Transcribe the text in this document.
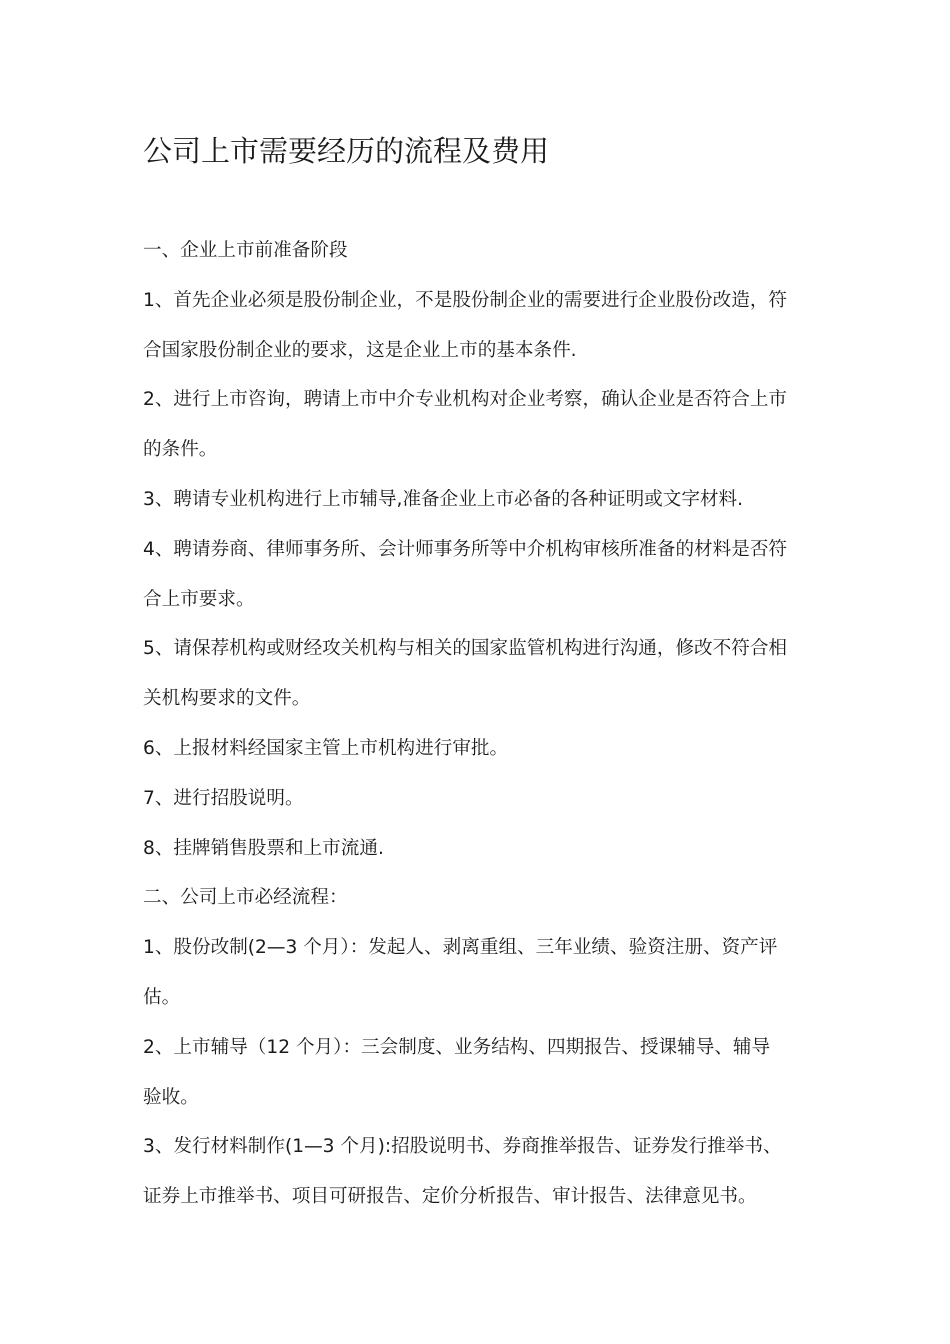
公司上市需要经历的流程及费用
一、企业上市前准备阶段
1、首先企业必须是股份制企业，不是股份制企业的需要进行企业股份改造，符
合国家股份制企业的要求，这是企业上市的基本条件.
2、进行上市咨询，聘请上市中介专业机构对企业考察，确认企业是否符合上市
的条件。
3、聘请专业机构进行上市辅导,准备企业上市必备的各种证明或文字材料.
4、聘请券商、律师事务所、会计师事务所等中介机构审核所准备的材料是否符
合上市要求。
5、请保荐机构或财经攻关机构与相关的国家监管机构进行沟通，修改不符合相
关机构要求的文件。
6、上报材料经国家主管上市机构进行审批。
7、进行招股说明。
8、挂牌销售股票和上市流通.
二、公司上市必经流程：
1、股份改制(2—3 个月）：发起人、剥离重组、三年业绩、验资注册、资产评
估。
2、上市辅导（12 个月）：三会制度、业务结构、四期报告、授课辅导、辅导
验收。
3、发行材料制作(1—3 个月):招股说明书、券商推举报告、证券发行推举书、
证券上市推举书、项目可研报告、定价分析报告、审计报告、法律意见书。
